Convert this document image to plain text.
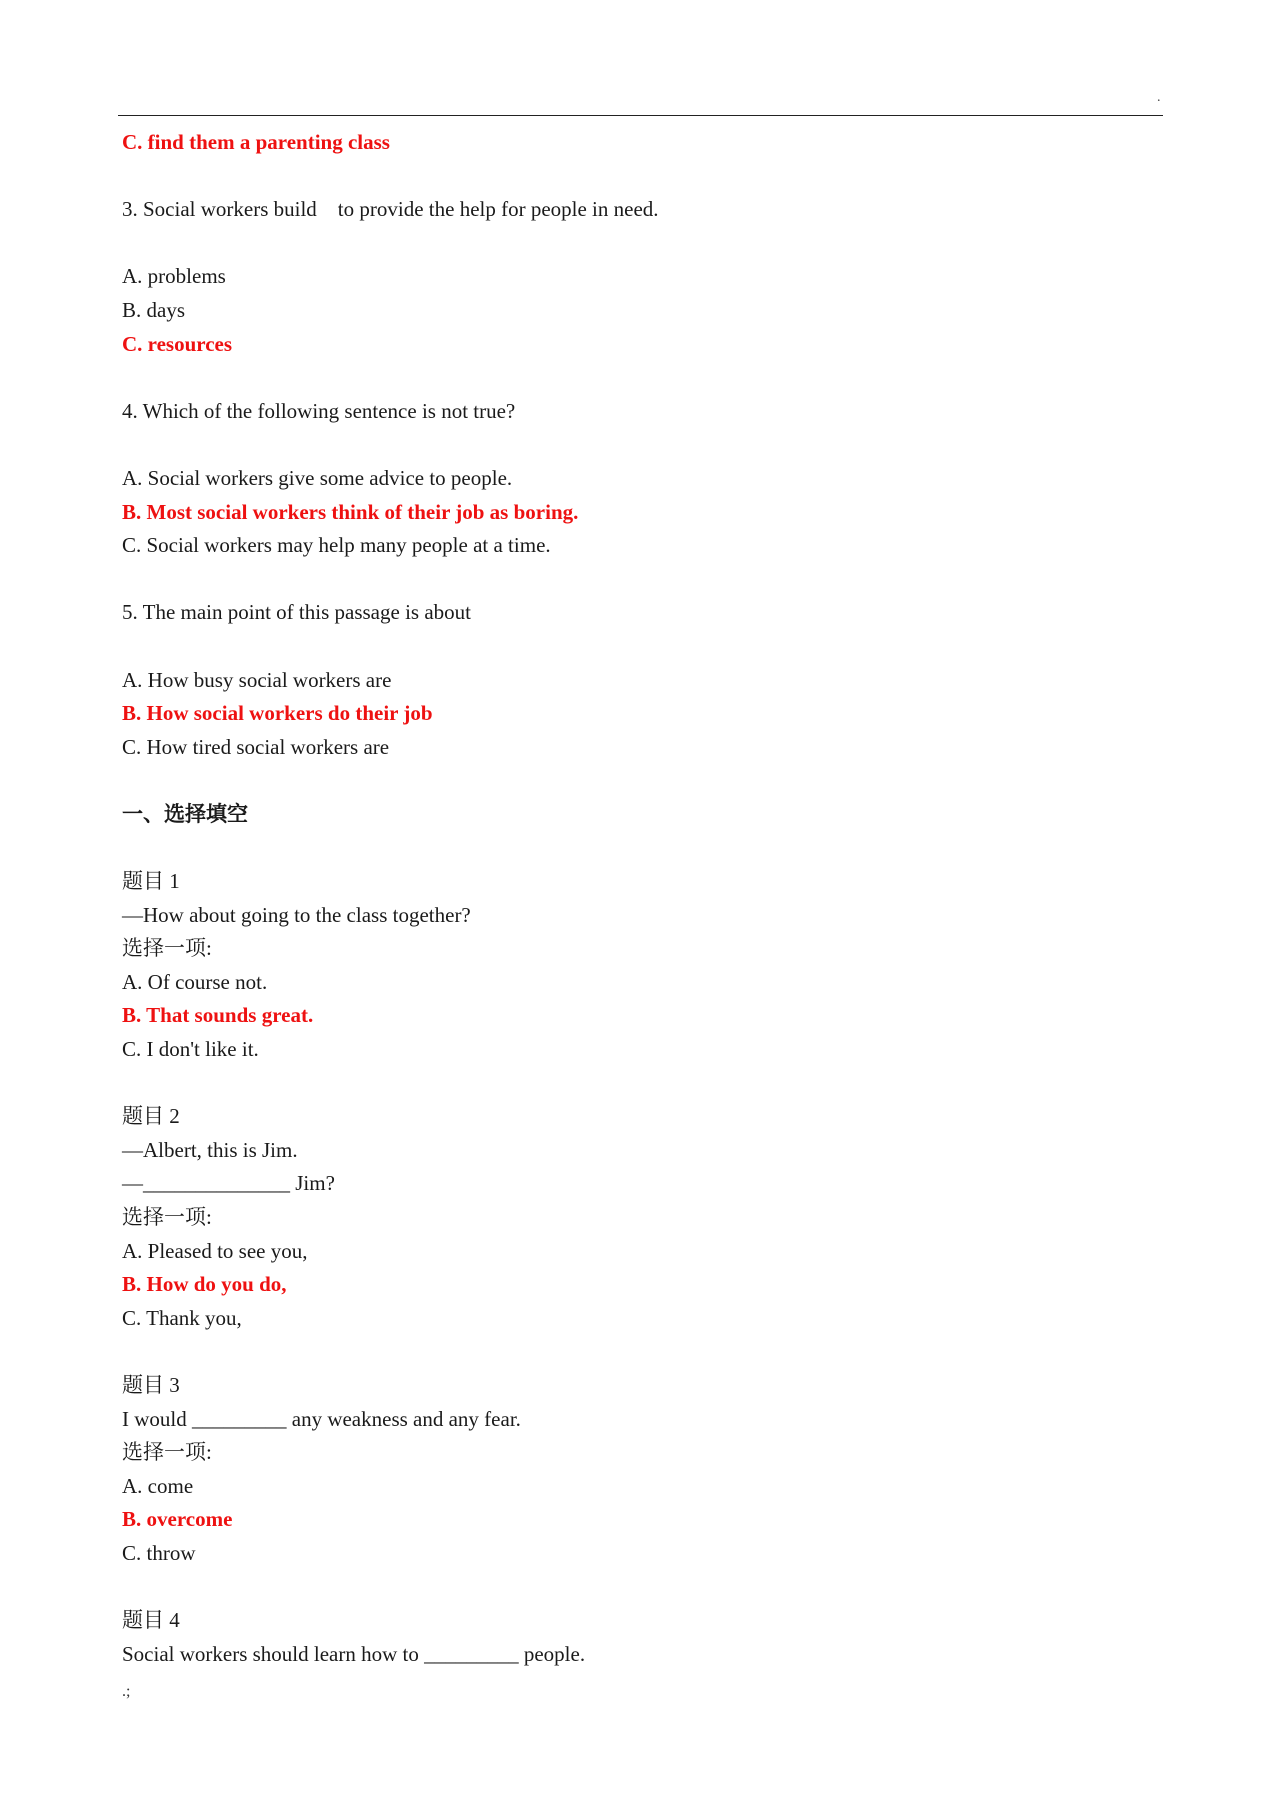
.
C. find them a parenting class
3. Social workers build    to provide the help for people in need.
A. problems
B. days
C. resources
4. Which of the following sentence is not true?
A. Social workers give some advice to people.
B. Most social workers think of their job as boring.
C. Social workers may help many people at a time.
5. The main point of this passage is about
A. How busy social workers are
B. How social workers do their job
C. How tired social workers are
一、选择填空
题目 1
—How about going to the class together?
选择一项:
A. Of course not.
B. That sounds great.
C. I don't like it.
题目 2
—Albert, this is Jim.
—______________ Jim?
选择一项:
A. Pleased to see you,
B. How do you do,
C. Thank you,
题目 3
I would _________ any weakness and any fear.
选择一项:
A. come
B. overcome
C. throw
题目 4
Social workers should learn how to _________ people.
.;
